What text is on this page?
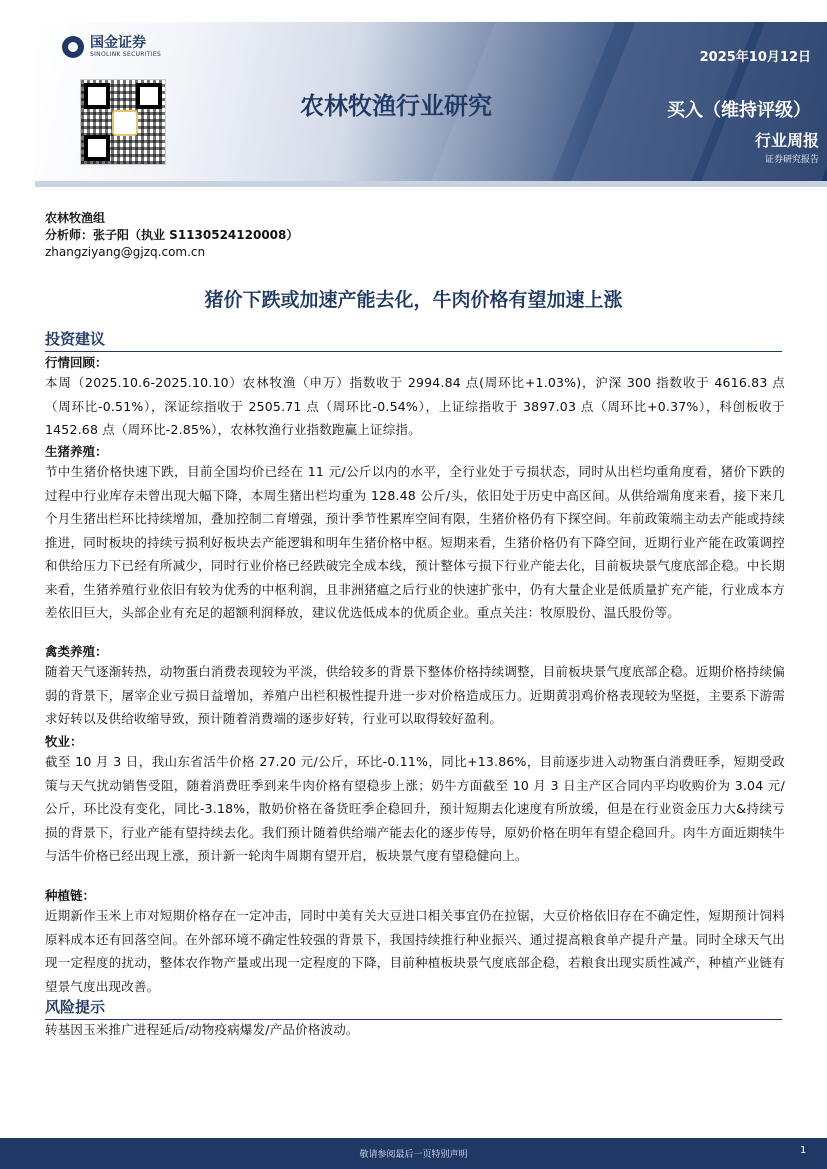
国金证券
SINOLINK SECURITIES
农林牧渔行业研究
2025年10月12日
买入（维持评级）
行业周报
证券研究报告
农林牧渔组
分析师：张子阳（执业 S1130524120008）
zhangziyang@gjzq.com.cn
猪价下跌或加速产能去化，牛肉价格有望加速上涨
投资建议
行情回顾：

本周（2025.10.6-2025.10.10）农林牧渔（申万）指数收于 2994.84 点(周环比+1.03%)，沪深 300 指数收于 4616.83 点（周环比-0.51%），深证综指收于 2505.71 点（周环比-0.54%），上证综指收于 3897.03 点（周环比+0.37%），科创板收于 1452.68 点（周环比-2.85%），农林牧渔行业指数跑赢上证综指。

生猪养殖：

节中生猪价格快速下跌，目前全国均价已经在 11 元/公斤以内的水平，全行业处于亏损状态，同时从出栏均重角度看，猪价下跌的过程中行业库存未曾出现大幅下降，本周生猪出栏均重为 128.48 公斤/头，依旧处于历史中高区间。从供给端角度来看，接下来几个月生猪出栏环比持续增加，叠加控制二育增强，预计季节性累库空间有限，生猪价格仍有下探空间。年前政策端主动去产能或持续推进，同时板块的持续亏损利好板块去产能逻辑和明年生猪价格中枢。短期来看，生猪价格仍有下降空间，近期行业产能在政策调控和供给压力下已经有所减少，同时行业价格已经跌破完全成本线，预计整体亏损下行业产能去化，目前板块景气度底部企稳。中长期来看，生猪养殖行业依旧有较为优秀的中枢利润，且非洲猪瘟之后行业的快速扩张中，仍有大量企业是低质量扩充产能，行业成本方差依旧巨大，头部企业有充足的超额利润释放，建议优选低成本的优质企业。重点关注：牧原股份、温氏股份等。

禽类养殖：

随着天气逐渐转热，动物蛋白消费表现较为平淡，供给较多的背景下整体价格持续调整，目前板块景气度底部企稳。近期价格持续偏弱的背景下，屠宰企业亏损日益增加，养殖户出栏积极性提升进一步对价格造成压力。近期黄羽鸡价格表现较为坚挺，主要系下游需求好转以及供给收缩导致，预计随着消费端的逐步好转，行业可以取得较好盈利。

牧业：

截至 10 月 3 日，我山东省活牛价格 27.20 元/公斤，环比-0.11%，同比+13.86%，目前逐步进入动物蛋白消费旺季，短期受政策与天气扰动销售受阻，随着消费旺季到来牛肉价格有望稳步上涨；奶牛方面截至 10 月 3 日主产区合同内平均收购价为 3.04 元/公斤，环比没有变化，同比-3.18%，散奶价格在备货旺季企稳回升，预计短期去化速度有所放缓，但是在行业资金压力大&持续亏损的背景下，行业产能有望持续去化。我们预计随着供给端产能去化的逐步传导，原奶价格在明年有望企稳回升。肉牛方面近期犊牛与活牛价格已经出现上涨，预计新一轮肉牛周期有望开启，板块景气度有望稳健向上。

种植链：

近期新作玉米上市对短期价格存在一定冲击，同时中美有关大豆进口相关事宜仍在拉锯，大豆价格依旧存在不确定性，短期预计饲料原料成本还有回落空间。在外部环境不确定性较强的背景下，我国持续推行种业振兴、通过提高粮食单产提升产量。同时全球天气出现一定程度的扰动，整体农作物产量或出现一定程度的下降，目前种植板块景气度底部企稳，若粮食出现实质性减产，种植产业链有望景气度出现改善。

风险提示

转基因玉米推广进程延后/动物疫病爆发/产品价格波动。

敬请参阅最后一页特别声明	1
